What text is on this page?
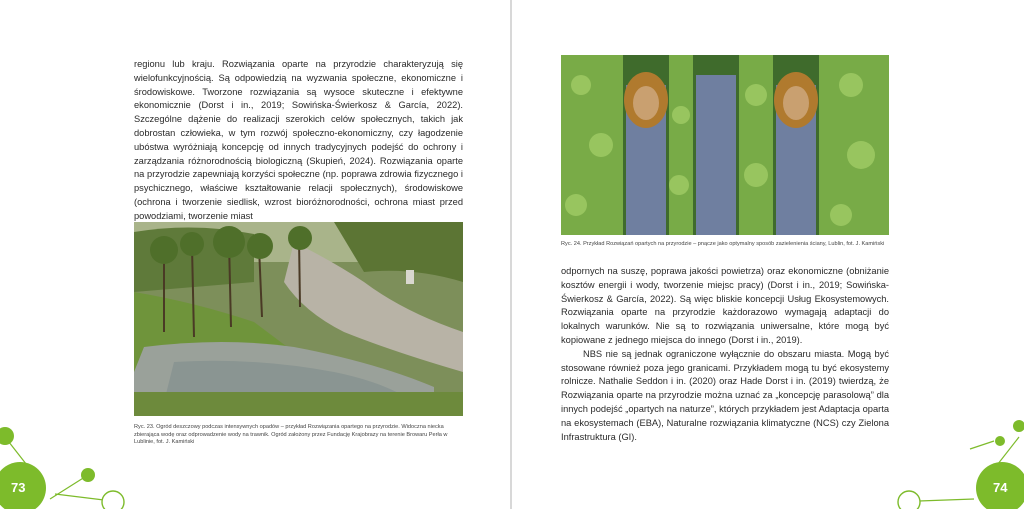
73

regionu lub kraju. Rozwiązania oparte na przyrodzie charakteryzują się wielofunkcyjnością. Są odpowiedzią na wyzwania społeczne, ekonomiczne i środowiskowe. Tworzone rozwiązania są wysoce skuteczne i efektywne ekonomicznie (Dorst i in., 2019; Sowińska-Świerkosz & García, 2022). Szczególne dążenie do realizacji szerokich celów społecznych, takich jak dobrostan człowieka, w tym rozwój społeczno-ekonomiczny, czy łagodzenie ubóstwa wyróżniają koncepcję od innych tradycyjnych podejść do ochrony i zarządzania różnorodnością biologiczną (Skupień, 2024). Rozwiązania oparte na przyrodzie zapewniają korzyści społeczne (np. poprawa zdrowia fizycznego i psychicznego, właściwe kształtowanie relacji społecznych), środowiskowe (ochrona i tworzenie siedlisk, wzrost bioróżnorodności, ochrona miast przed powodziami, tworzenie miast

Ryc. 23. Ogród deszczowy podczas intensywnych opadów – przykład Rozwiązania opartego na przyrodzie. Widoczna niecka zbierająca wodę oraz odprowadzenie wody na trawnik. Ogród założony przez Fundację Krajobrazy na terenie Browaru Perła w Lublinie, fot. J. Kamiński

74

Ryc. 24. Przykład Rozwiązań opartych na przyrodzie – pnącze jako optymalny sposób zazielenienia ściany, Lublin, fot. J. Kamiński

odpornych na suszę, poprawa jakości powietrza) oraz ekonomiczne (obniżanie kosztów energii i wody, tworzenie miejsc pracy) (Dorst i in., 2019; Sowińska-Świerkosz & García, 2022). Są więc bliskie koncepcji Usług Ekosystemowych. Rozwiązania oparte na przyrodzie każdorazowo wymagają adaptacji do lokalnych warunków. Nie są to rozwiązania uniwersalne, które mogą być kopiowane z jednego miejsca do innego (Dorst i in., 2019).

NBS nie są jednak ograniczone wyłącznie do obszaru miasta. Mogą być stosowane również poza jego granicami. Przykładem mogą tu być ekosystemy rolnicze. Nathalie Seddon i in. (2020) oraz Hade Dorst i in. (2019) twierdzą, że Rozwiązania oparte na przyrodzie można uznać za „koncepcję parasolową” dla innych podejść „opartych na naturze”, których przykładem jest Adaptacja oparta na ekosystemach (EBA), Naturalne rozwiązania klimatyczne (NCS) czy Zielona Infrastruktura (GI).
